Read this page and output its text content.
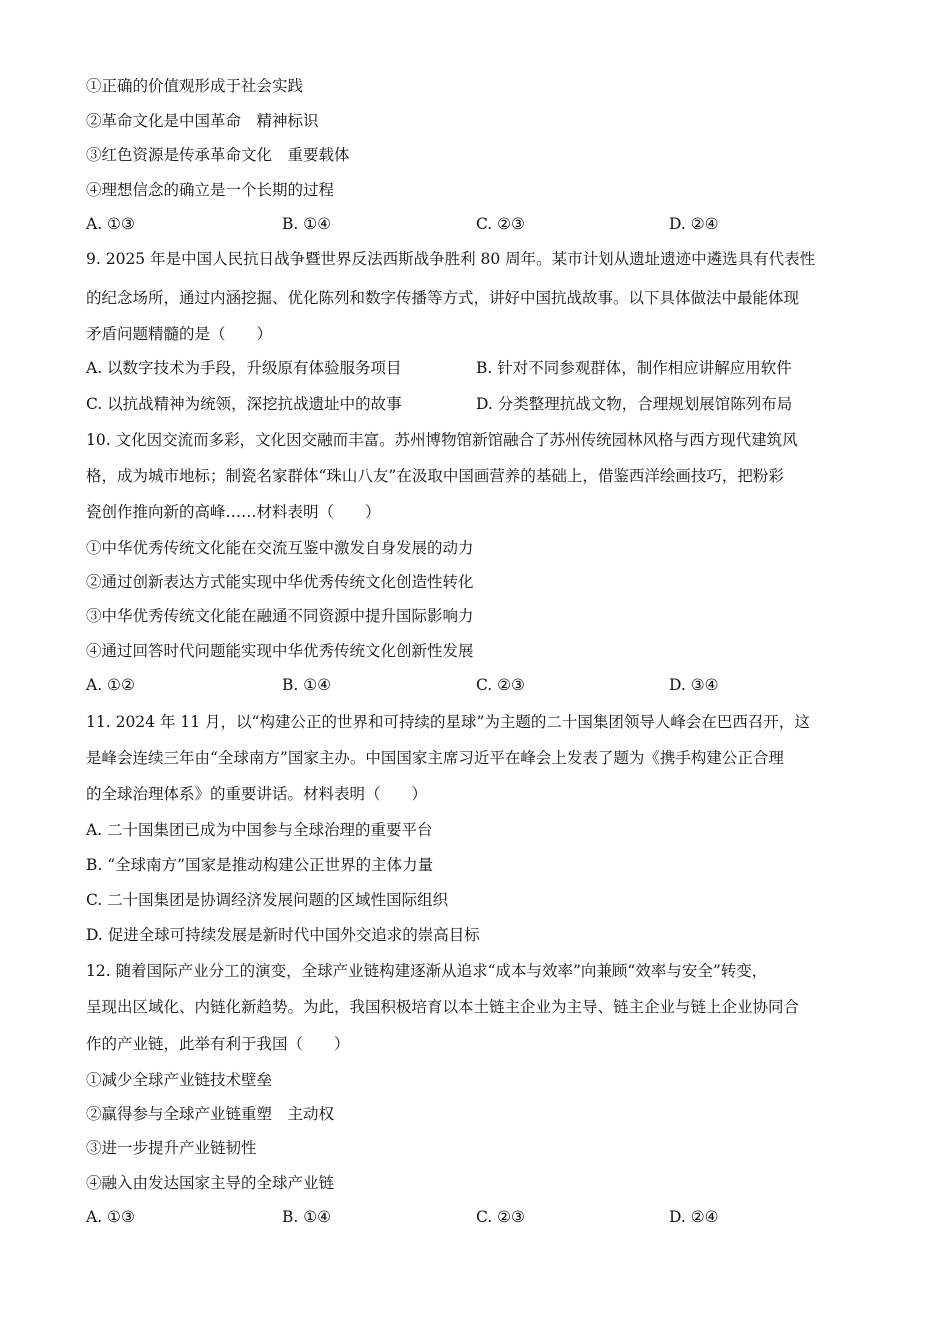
①正确的价值观形成于社会实践
②革命文化是中国革命　精神标识
③红色资源是传承革命文化　重要载体
④理想信念的确立是一个长期的过程
A. ①③	B. ①④	C. ②③	D. ②④
9. 2025 年是中国人民抗日战争暨世界反法西斯战争胜利 80 周年。某市计划从遗址遗迹中遴选具有代表性
的纪念场所，通过内涵挖掘、优化陈列和数字传播等方式，讲好中国抗战故事。以下具体做法中最能体现
矛盾问题精髓的是（　　）
A. 以数字技术为手段，升级原有体验服务项目	B. 针对不同参观群体，制作相应讲解应用软件
C. 以抗战精神为统领，深挖抗战遗址中的故事	D. 分类整理抗战文物，合理规划展馆陈列布局
10. 文化因交流而多彩，文化因交融而丰富。苏州博物馆新馆融合了苏州传统园林风格与西方现代建筑风
格，成为城市地标；制瓷名家群体“珠山八友”在汲取中国画营养的基础上，借鉴西洋绘画技巧，把粉彩
瓷创作推向新的高峰……材料表明（　　）
①中华优秀传统文化能在交流互鉴中激发自身发展的动力
②通过创新表达方式能实现中华优秀传统文化创造性转化
③中华优秀传统文化能在融通不同资源中提升国际影响力
④通过回答时代问题能实现中华优秀传统文化创新性发展
A. ①②	B. ①④	C. ②③	D. ③④
11. 2024 年 11 月，以“构建公正的世界和可持续的星球”为主题的二十国集团领导人峰会在巴西召开，这
是峰会连续三年由“全球南方”国家主办。中国国家主席习近平在峰会上发表了题为《携手构建公正合理
的全球治理体系》的重要讲话。材料表明（　　）
A. 二十国集团已成为中国参与全球治理的重要平台
B. “全球南方”国家是推动构建公正世界的主体力量
C. 二十国集团是协调经济发展问题的区域性国际组织
D. 促进全球可持续发展是新时代中国外交追求的崇高目标
12. 随着国际产业分工的演变，全球产业链构建逐渐从追求“成本与效率”向兼顾“效率与安全”转变，
呈现出区域化、内链化新趋势。为此，我国积极培育以本土链主企业为主导、链主企业与链上企业协同合
作的产业链，此举有利于我国（　　）
①减少全球产业链技术壁垒
②赢得参与全球产业链重塑　主动权
③进一步提升产业链韧性
④融入由发达国家主导的全球产业链
A. ①③	B. ①④	C. ②③	D. ②④
